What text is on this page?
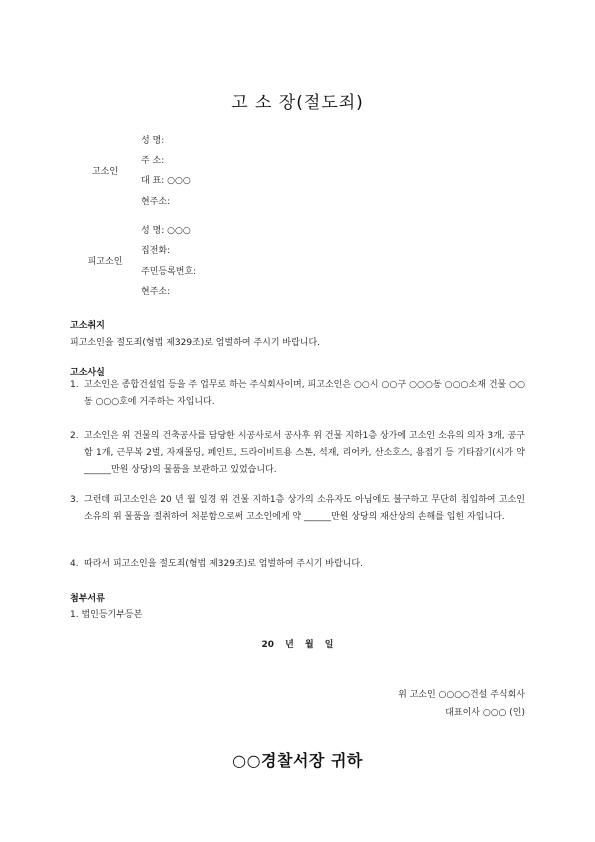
고 소 장(절도죄)
고소인
성 명:
주 소:
대 표: ○○○
현주소:
피고소인
성 명: ○○○
집전화:
주민등록번호:
현주소:
고소취지
피고소인을 절도죄(형법 제329조)로 엄벌하여 주시기 바랍니다.
고소사실
1. 고소인은 종합건설업 등을 주 업무로 하는 주식회사이며, 피고소인은 ○○시 ○○구 ○○○동 ○○○소재 건물 ○○동 ○○○호에 거주하는 자입니다.
2. 고소인은 위 건물의 건축공사를 담당한 시공사로서 공사후 위 건물 지하1층 상가에 고소인 소유의 의자 3개, 공구함 1개, 근무복 2벌, 자재몰딩, 페인트, 드라이비트용 스톤, 석재, 리어카, 산소호스, 용접기 등 기타잡기(시가 약______만원 상당)의 물품을 보관하고 있었습니다.
3. 그런데 피고소인은 20 년 월 일경 위 건물 지하1층 상가의 소유자도 아님에도 불구하고 무단히 침입하여 고소인 소유의 위 물품을 절취하여 처분함으로써 고소인에게 약 ______만원 상당의 재산상의 손해를 입힌 자입니다.
4. 따라서 피고소인을 절도죄(형법 제329조)로 엄벌하여 주시기 바랍니다.
첨부서류
1. 법인등기부등본
20 년 월 일
위 고소인 ○○○○건설 주식회사
대표이사 ○○○ (인)
○○경찰서장 귀하
